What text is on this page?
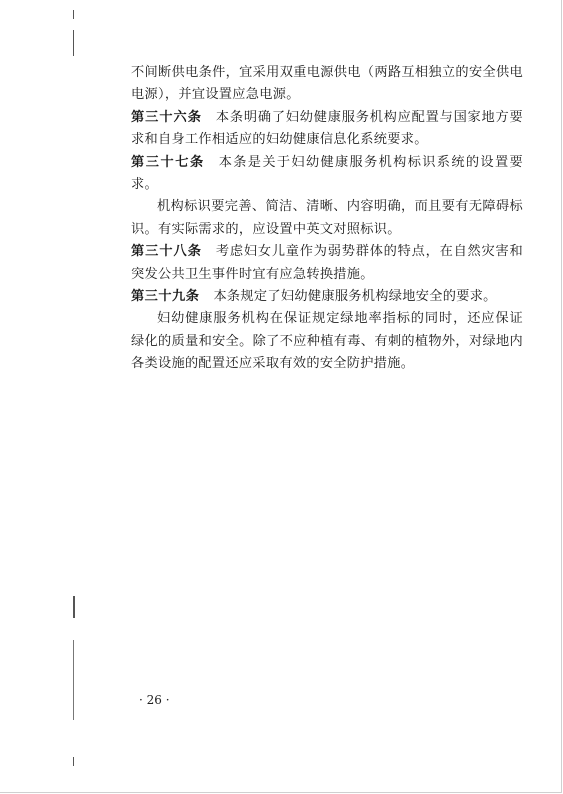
不间断供电条件，宜采用双重电源供电（两路互相独立的安全供电
电源），并宜设置应急电源。
第三十六条 本条明确了妇幼健康服务机构应配置与国家地方要
求和自身工作相适应的妇幼健康信息化系统要求。
第三十七条 本条是关于妇幼健康服务机构标识系统的设置要
求。
机构标识要完善、简洁、清晰、内容明确，而且要有无障碍标
识。有实际需求的，应设置中英文对照标识。
第三十八条 考虑妇女儿童作为弱势群体的特点，在自然灾害和
突发公共卫生事件时宜有应急转换措施。
第三十九条 本条规定了妇幼健康服务机构绿地安全的要求。
妇幼健康服务机构在保证规定绿地率指标的同时，还应保证
绿化的质量和安全。除了不应种植有毒、有刺的植物外，对绿地内
各类设施的配置还应采取有效的安全防护措施。
· 26 ·
